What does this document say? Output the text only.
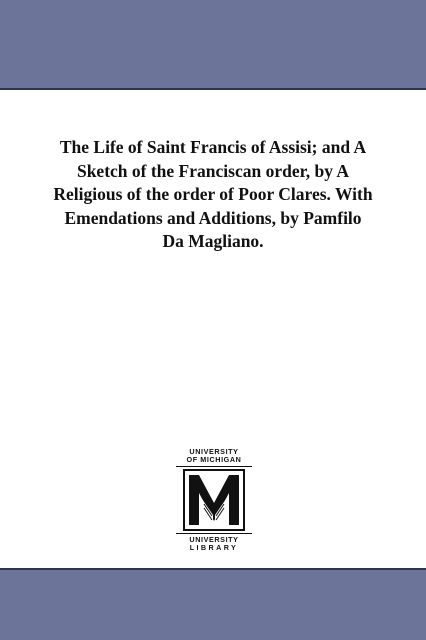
The Life of Saint Francis of Assisi; and A Sketch of the Franciscan order, by A Religious of the order of Poor Clares. With Emendations and Additions, by Pamfilo Da Magliano.
UNIVERSITY
OF MICHIGAN
UNIVERSITY
LIBRARY
